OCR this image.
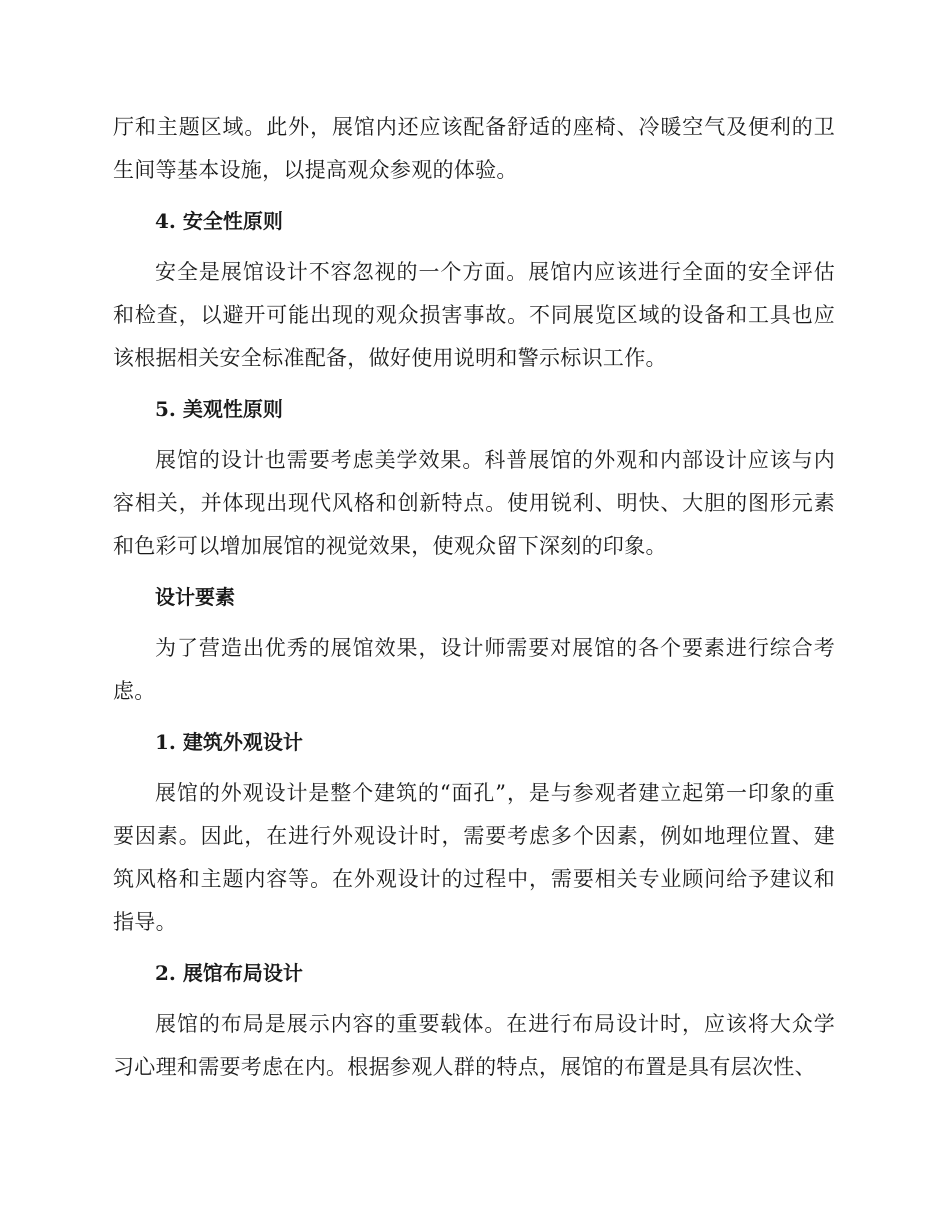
厅和主题区域。此外，展馆内还应该配备舒适的座椅、冷暖空气及便利的卫生间等基本设施，以提高观众参观的体验。

4. 安全性原则

安全是展馆设计不容忽视的一个方面。展馆内应该进行全面的安全评估和检查，以避开可能出现的观众损害事故。不同展览区域的设备和工具也应该根据相关安全标准配备，做好使用说明和警示标识工作。

5. 美观性原则

展馆的设计也需要考虑美学效果。科普展馆的外观和内部设计应该与内容相关，并体现出现代风格和创新特点。使用锐利、明快、大胆的图形元素和色彩可以增加展馆的视觉效果，使观众留下深刻的印象。

设计要素

为了营造出优秀的展馆效果，设计师需要对展馆的各个要素进行综合考虑。

1. 建筑外观设计

展馆的外观设计是整个建筑的“面孔”，是与参观者建立起第一印象的重要因素。因此，在进行外观设计时，需要考虑多个因素，例如地理位置、建筑风格和主题内容等。在外观设计的过程中，需要相关专业顾问给予建议和指导。

2. 展馆布局设计

展馆的布局是展示内容的重要载体。在进行布局设计时，应该将大众学习心理和需要考虑在内。根据参观人群的特点，展馆的布置是具有层次性、
